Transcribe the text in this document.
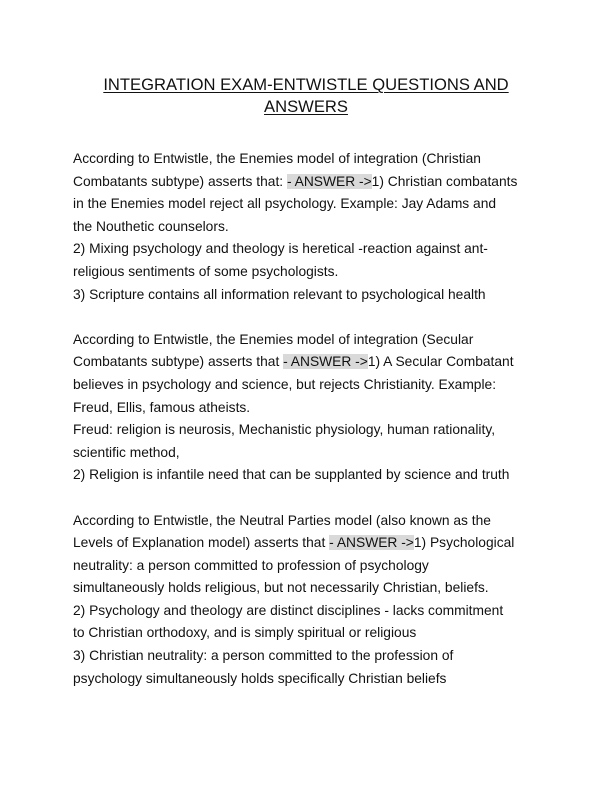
INTEGRATION EXAM-ENTWISTLE QUESTIONS AND
ANSWERS
According to Entwistle, the Enemies model of integration (Christian
Combatants subtype) asserts that: - ANSWER ->1) Christian combatants
in the Enemies model reject all psychology. Example: Jay Adams and
the Nouthetic counselors.
2) Mixing psychology and theology is heretical -reaction against ant-
religious sentiments of some psychologists.
3) Scripture contains all information relevant to psychological health
According to Entwistle, the Enemies model of integration (Secular
Combatants subtype) asserts that - ANSWER ->1) A Secular Combatant
believes in psychology and science, but rejects Christianity. Example:
Freud, Ellis, famous atheists.
Freud: religion is neurosis, Mechanistic physiology, human rationality,
scientific method,
2) Religion is infantile need that can be supplanted by science and truth
According to Entwistle, the Neutral Parties model (also known as the
Levels of Explanation model) asserts that - ANSWER ->1) Psychological
neutrality: a person committed to profession of psychology
simultaneously holds religious, but not necessarily Christian, beliefs.
2) Psychology and theology are distinct disciplines - lacks commitment
to Christian orthodoxy, and is simply spiritual or religious
3) Christian neutrality: a person committed to the profession of
psychology simultaneously holds specifically Christian beliefs
